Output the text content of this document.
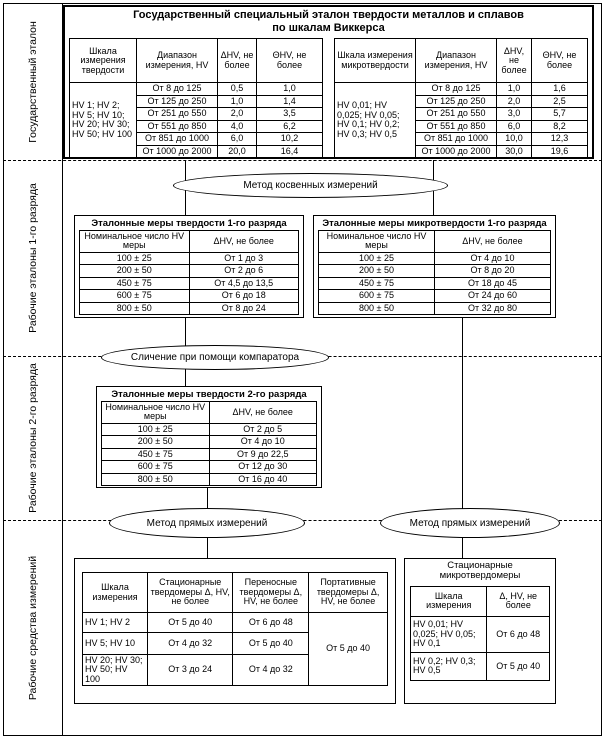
Государственный эталон
Рабочие эталоны 1-го разряда
Рабочие эталоны 2-го разряда
Рабочие средства измерений
Государственный специальный эталон твердости металлов и сплавов
по шкалам Виккерса
Шкала измерения твердости	Диапазон измерения, HV	ΔHV, не более	ΘHV, не более
HV 1; HV 2; HV 5; HV 10; HV 20; HV 30; HV 50; HV 100	От 8 до 125	0,5	1,0
	От 125 до 250	1,0	1,4
	От 251 до 550	2,0	3,5
	От 551 до 850	4,0	6,2
	От 851 до 1000	6,0	10,2
	От 1000 до 2000	20,0	16,4
Шкала измерения микротвердости	Диапазон измерения, HV	ΔHV, не более	ΘHV, не более
HV 0,01; HV 0,025; HV 0,05; HV 0,1; HV 0,2; HV 0,3; HV 0,5	От 8 до 125	1,0	1,6
	От 125 до 250	2,0	2,5
	От 251 до 550	3,0	5,7
	От 551 до 850	6,0	8,2
	От 851 до 1000	10,0	12,3
	От 1000 до 2000	30,0	19,6
Метод косвенных измерений
Эталонные меры твердости 1-го разряда
Номинальное число HV меры	ΔHV, не более
100 ± 25	От 1 до 3
200 ± 50	От 2 до 6
450 ± 75	От 4,5 до 13,5
600 ± 75	От 6 до 18
800 ± 50	От 8 до 24
Эталонные меры микротвердости 1-го разряда
Номинальное число HV меры	ΔHV, не более
100 ± 25	От 4 до 10
200 ± 50	От 8 до 20
450 ± 75	От 18 до 45
600 ± 75	От 24 до 60
800 ± 50	От 32 до 80
Сличение при помощи компаратора
Эталонные меры твердости 2-го разряда
Номинальное число HV меры	ΔHV, не более
100 ± 25	От 2 до 5
200 ± 50	От 4 до 10
450 ± 75	От 9 до 22,5
600 ± 75	От 12 до 30
800 ± 50	От 16 до 40
Метод прямых измерений	Метод прямых измерений
Шкала измерения	Стационарные твердомеры Δ, HV, не более	Переносные твердомеры Δ, HV, не более	Портативные твердомеры Δ, HV, не более
HV 1; HV 2	От 5 до 40	От 6 до 48	От 5 до 40
HV 5; HV 10	От 4 до 32	От 5 до 40	
HV 20; HV 30; HV 50; HV 100	От 3 до 24	От 4 до 32	
Стационарные микротвердомеры
Шкала измерения	Δ, HV, не более
HV 0,01; HV 0,025; HV 0,05; HV 0,1	От 6 до 48
HV 0,2; HV 0,3; HV 0,5	От 5 до 40
